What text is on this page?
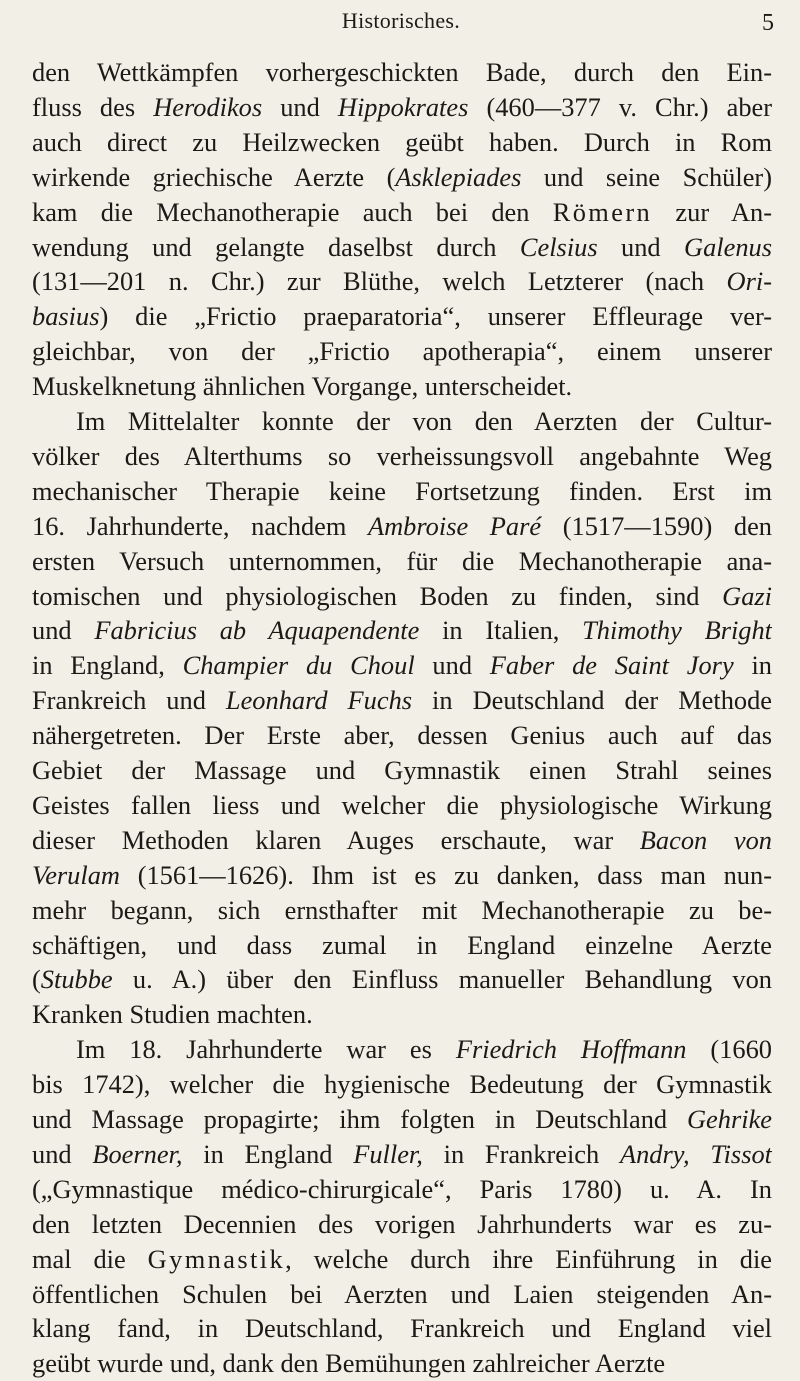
Historisches.	5
den Wettkämpfen vorhergeschickten Bade, durch den Ein-
fluss des Herodikos und Hippokrates (460—377 v. Chr.) aber
auch direct zu Heilzwecken geübt haben. Durch in Rom
wirkende griechische Aerzte (Asklepiades und seine Schüler)
kam die Mechanotherapie auch bei den Römern zur An-
wendung und gelangte daselbst durch Celsius und Galenus
(131—201 n. Chr.) zur Blüthe, welch Letzterer (nach Ori-
basius) die „Frictio praeparatoria“, unserer Effleurage ver-
gleichbar, von der „Frictio apotherapia“, einem unserer
Muskelknetung ähnlichen Vorgange, unterscheidet.
Im Mittelalter konnte der von den Aerzten der Cultur-
völker des Alterthums so verheissungsvoll angebahnte Weg
mechanischer Therapie keine Fortsetzung finden. Erst im
16. Jahrhunderte, nachdem Ambroise Paré (1517—1590) den
ersten Versuch unternommen, für die Mechanotherapie ana-
tomischen und physiologischen Boden zu finden, sind Gazi
und Fabricius ab Aquapendente in Italien, Thimothy Bright
in England, Champier du Choul und Faber de Saint Jory in
Frankreich und Leonhard Fuchs in Deutschland der Methode
nähergetreten. Der Erste aber, dessen Genius auch auf das
Gebiet der Massage und Gymnastik einen Strahl seines
Geistes fallen liess und welcher die physiologische Wirkung
dieser Methoden klaren Auges erschaute, war Bacon von
Verulam (1561—1626). Ihm ist es zu danken, dass man nun-
mehr begann, sich ernsthafter mit Mechanotherapie zu be-
schäftigen, und dass zumal in England einzelne Aerzte
(Stubbe u. A.) über den Einfluss manueller Behandlung von
Kranken Studien machten.
Im 18. Jahrhunderte war es Friedrich Hoffmann (1660
bis 1742), welcher die hygienische Bedeutung der Gymnastik
und Massage propagirte; ihm folgten in Deutschland Gehrike
und Boerner, in England Fuller, in Frankreich Andry, Tissot
(„Gymnastique médico-chirurgicale“, Paris 1780) u. A. In
den letzten Decennien des vorigen Jahrhunderts war es zu-
mal die Gymnastik, welche durch ihre Einführung in die
öffentlichen Schulen bei Aerzten und Laien steigenden An-
klang fand, in Deutschland, Frankreich und England viel
geübt wurde und, dank den Bemühungen zahlreicher Aerzte
